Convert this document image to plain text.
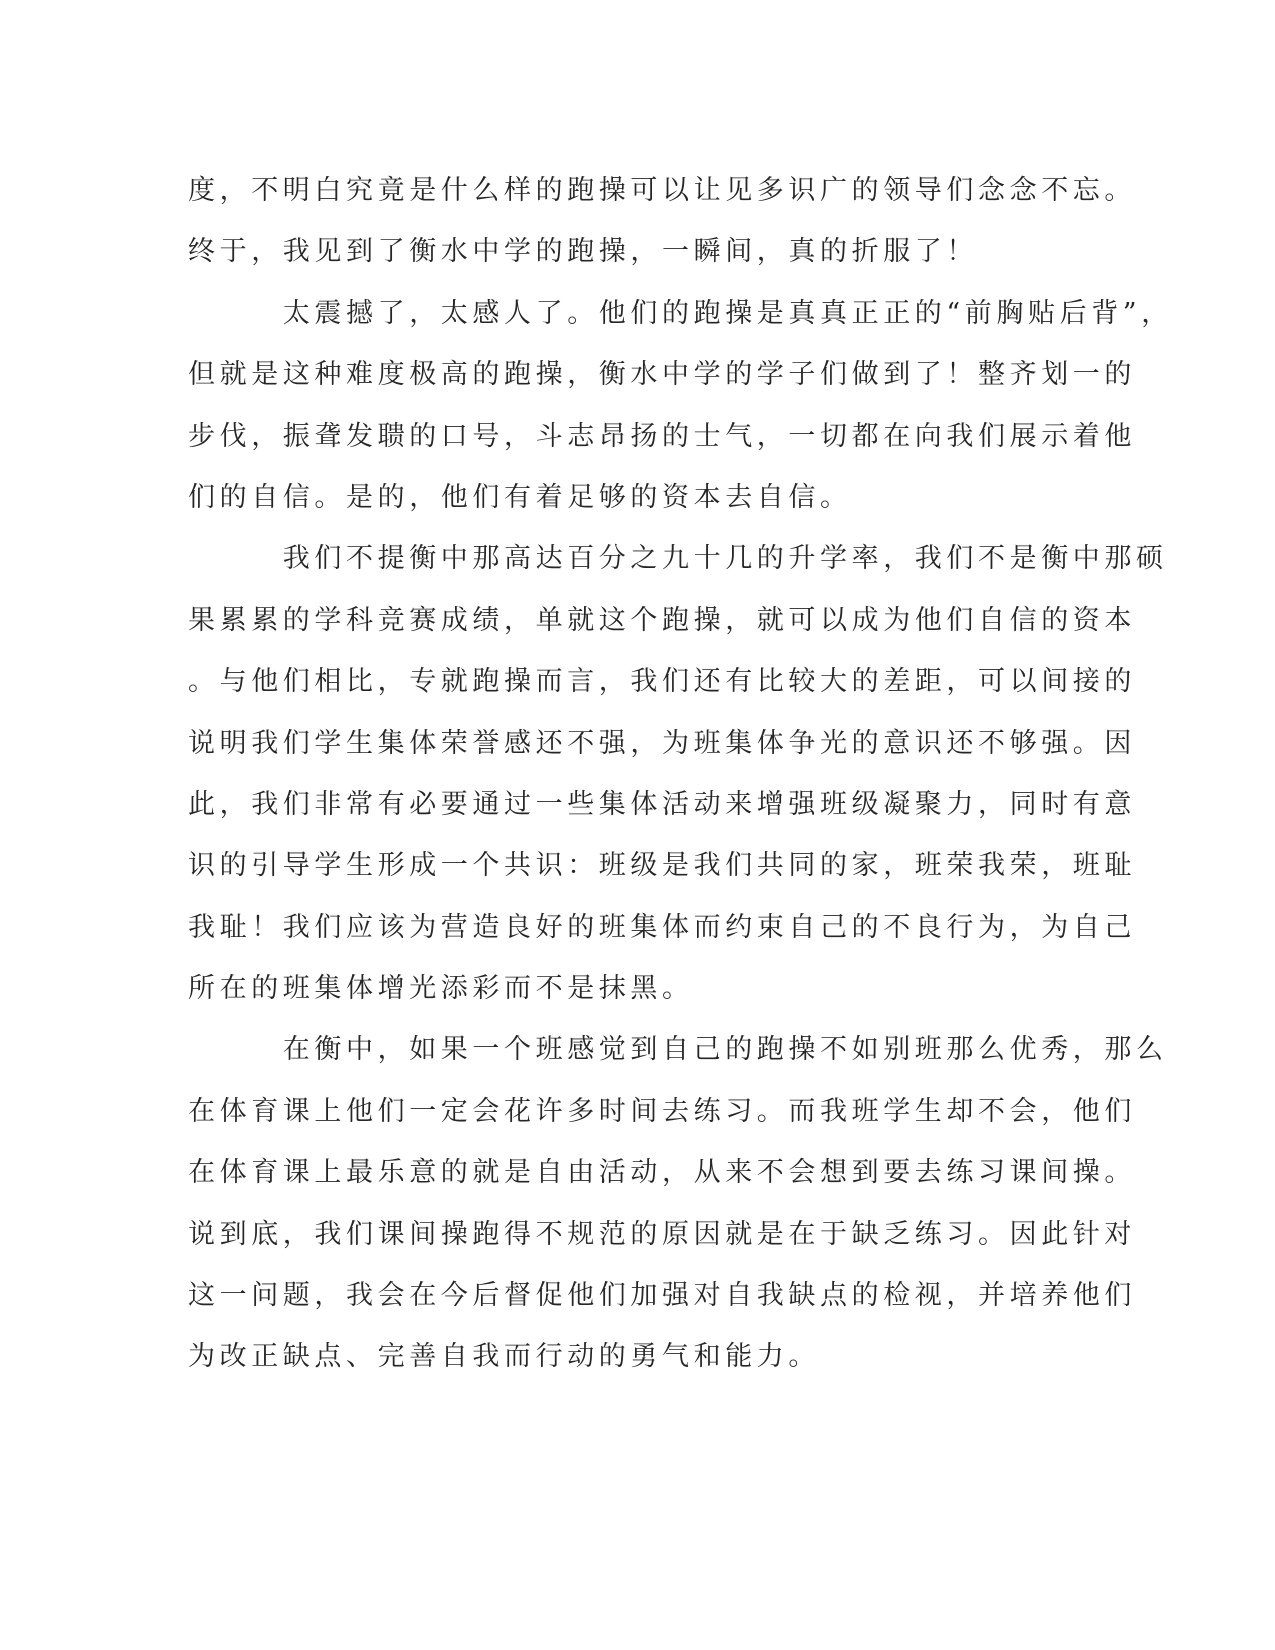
度，不明白究竟是什么样的跑操可以让见多识广的领导们念念不忘。
终于，我见到了衡水中学的跑操，一瞬间，真的折服了！
　　　太震撼了，太感人了。他们的跑操是真真正正的“前胸贴后背”，
但就是这种难度极高的跑操，衡水中学的学子们做到了！整齐划一的
步伐，振聋发聩的口号，斗志昂扬的士气，一切都在向我们展示着他
们的自信。是的，他们有着足够的资本去自信。
　　　我们不提衡中那高达百分之九十几的升学率，我们不是衡中那硕
果累累的学科竞赛成绩，单就这个跑操，就可以成为他们自信的资本
。与他们相比，专就跑操而言，我们还有比较大的差距，可以间接的
说明我们学生集体荣誉感还不强，为班集体争光的意识还不够强。因
此，我们非常有必要通过一些集体活动来增强班级凝聚力，同时有意
识的引导学生形成一个共识：班级是我们共同的家，班荣我荣，班耻
我耻！我们应该为营造良好的班集体而约束自己的不良行为，为自己
所在的班集体增光添彩而不是抹黑。
　　　在衡中，如果一个班感觉到自己的跑操不如别班那么优秀，那么
在体育课上他们一定会花许多时间去练习。而我班学生却不会，他们
在体育课上最乐意的就是自由活动，从来不会想到要去练习课间操。
说到底，我们课间操跑得不规范的原因就是在于缺乏练习。因此针对
这一问题，我会在今后督促他们加强对自我缺点的检视，并培养他们
为改正缺点、完善自我而行动的勇气和能力。
